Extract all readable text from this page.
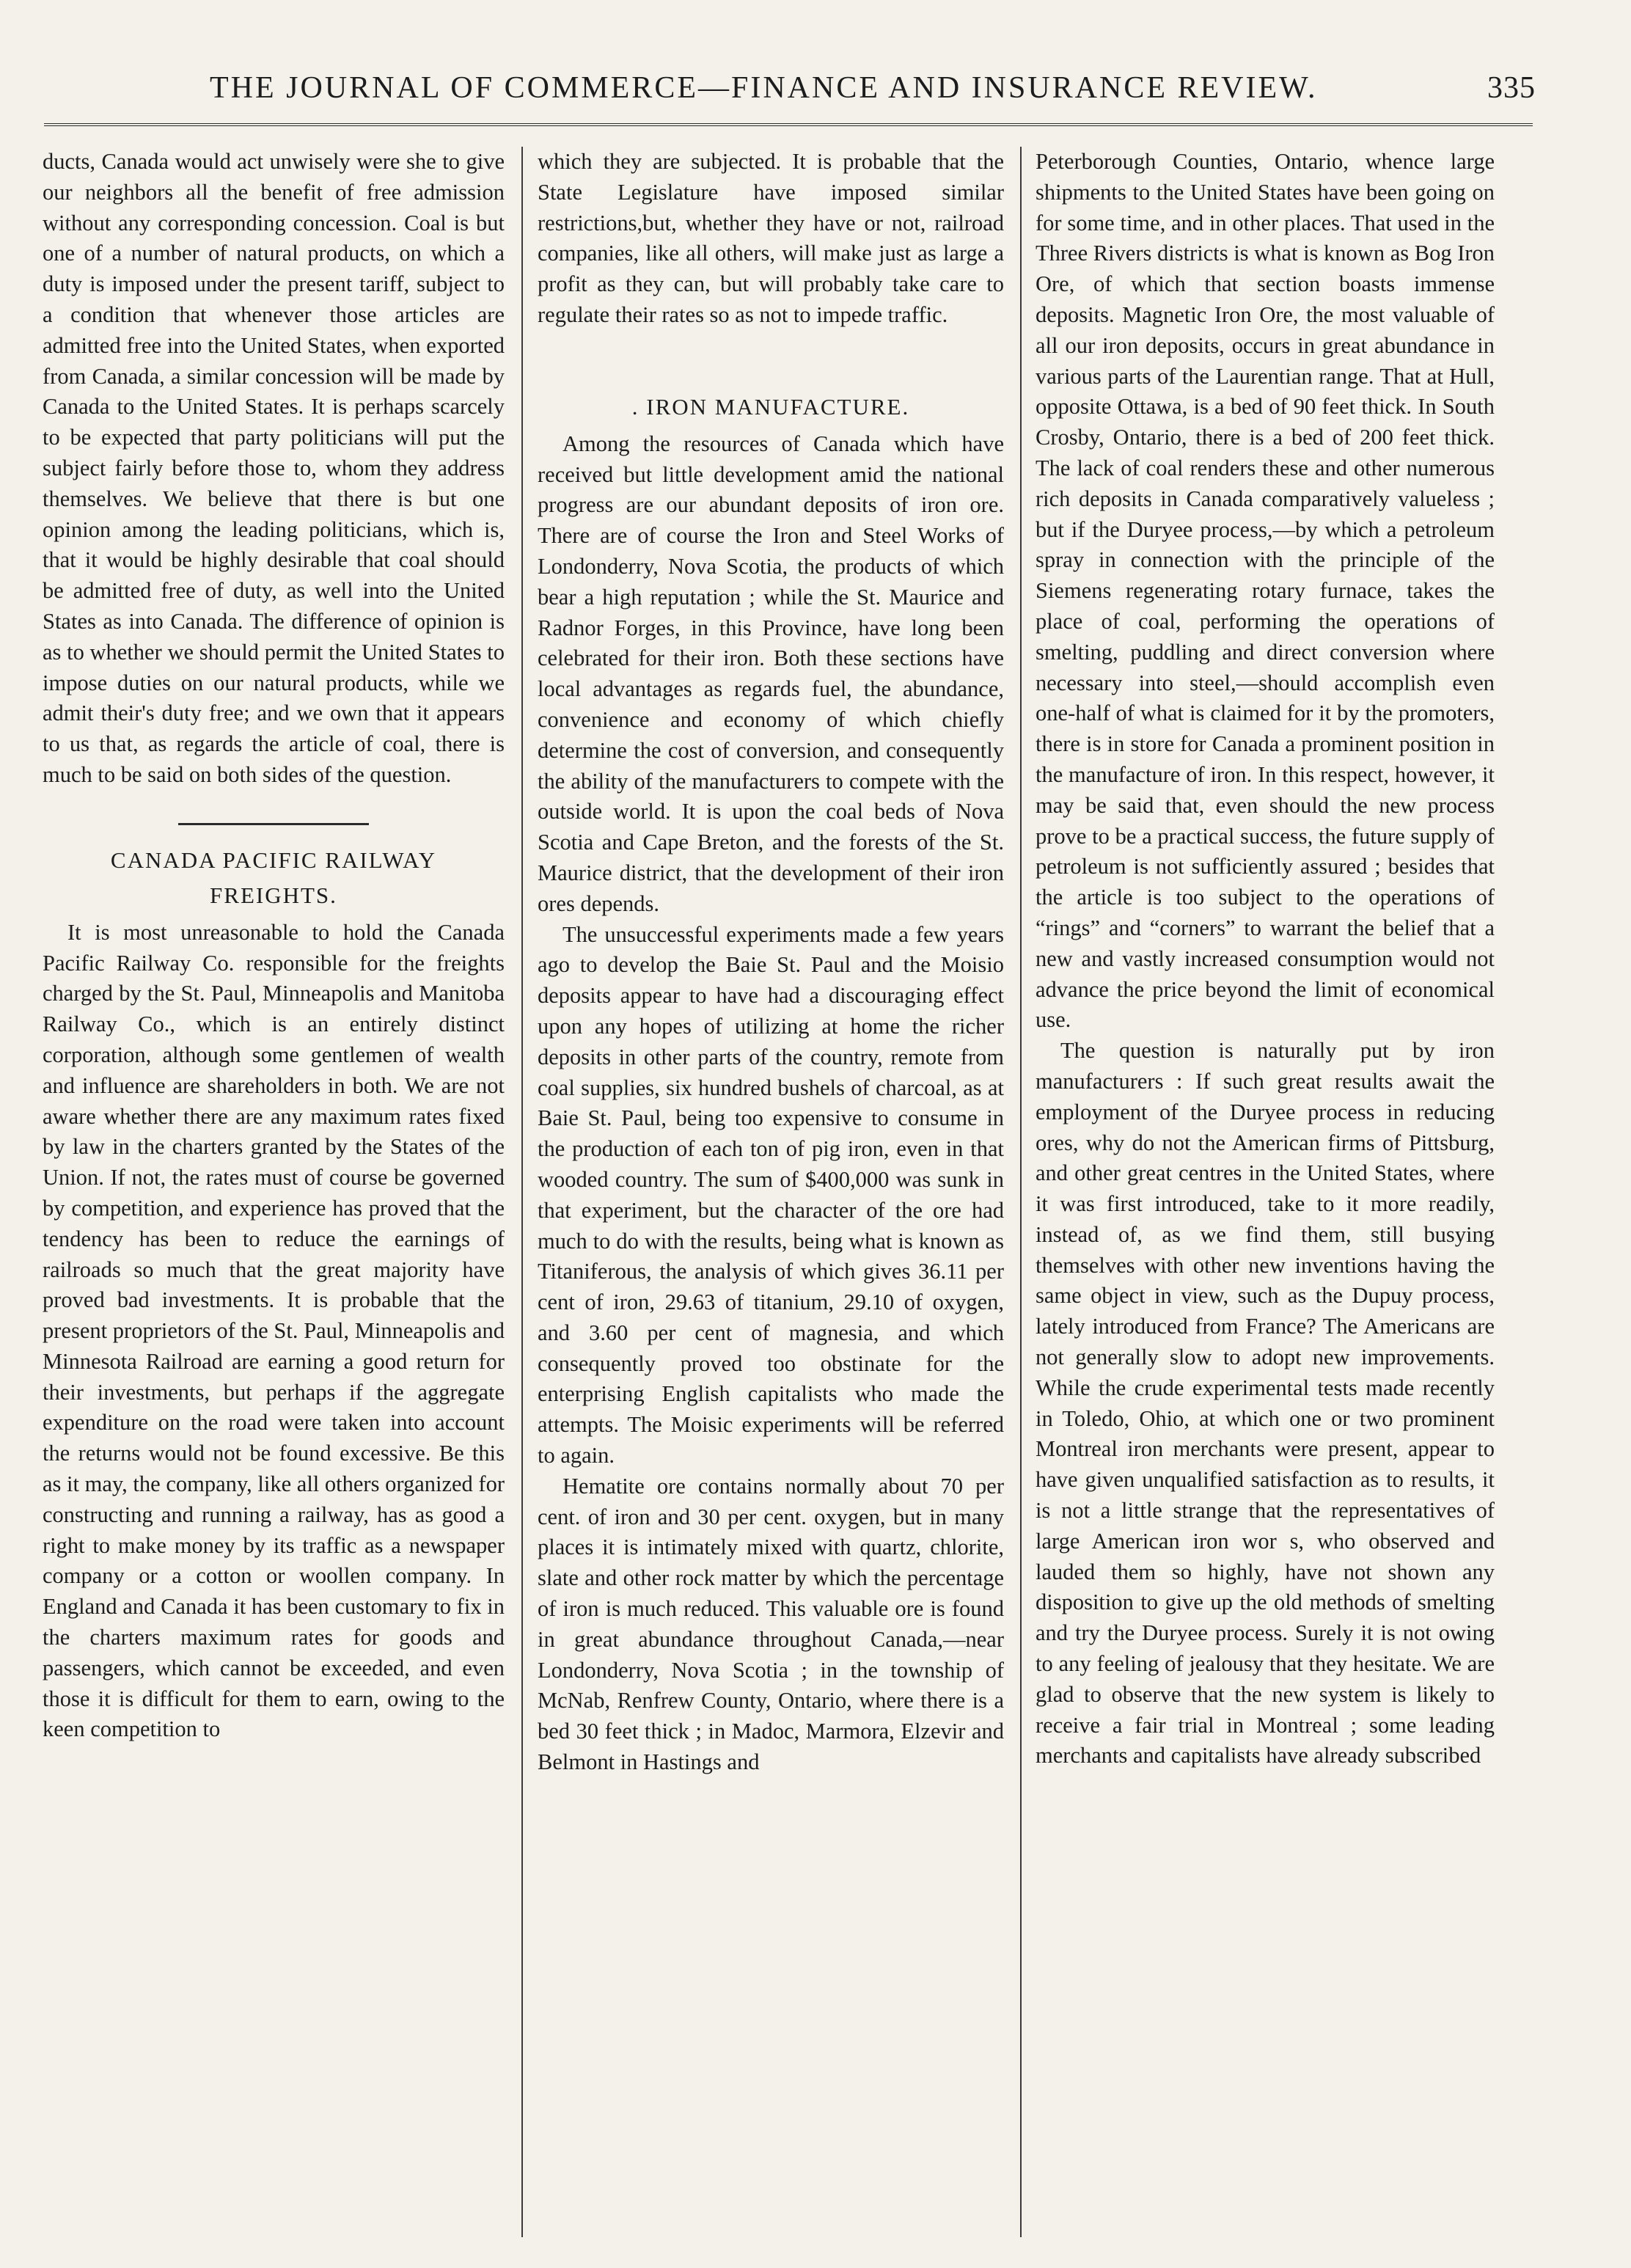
THE JOURNAL OF COMMERCE—FINANCE AND INSURANCE REVIEW.	335

ducts, Canada would act unwisely were she to give our neighbors all the benefit of free admission without any corresponding concession. Coal is but one of a number of natural products, on which a duty is imposed under the present tariff, subject to a condition that whenever those articles are admitted free into the United States, when exported from Canada, a similar concession will be made by Canada to the United States. It is perhaps scarcely to be expected that party politicians will put the subject fairly before those to, whom they address themselves. We believe that there is but one opinion among the leading politicians, which is, that it would be highly desirable that coal should be admitted free of duty, as well into the United States as into Canada. The difference of opinion is as to whether we should permit the United States to impose duties on our natural products, while we admit their's duty free; and we own that it appears to us that, as regards the article of coal, there is much to be said on both sides of the question.

CANADA PACIFIC RAILWAY
FREIGHTS.

It is most unreasonable to hold the Canada Pacific Railway Co. responsible for the freights charged by the St. Paul, Minneapolis and Manitoba Railway Co., which is an entirely distinct corporation, although some gentlemen of wealth and influence are shareholders in both. We are not aware whether there are any maximum rates fixed by law in the charters granted by the States of the Union. If not, the rates must of course be governed by competition, and experience has proved that the tendency has been to reduce the earnings of railroads so much that the great majority have proved bad investments. It is probable that the present proprietors of the St. Paul, Minneapolis and Minnesota Railroad are earning a good return for their investments, but perhaps if the aggregate expenditure on the road were taken into account the returns would not be found excessive. Be this as it may, the company, like all others organized for constructing and running a railway, has as good a right to make money by its traffic as a newspaper company or a cotton or woollen company. In England and Canada it has been customary to fix in the charters maximum rates for goods and passengers, which cannot be exceeded, and even those it is difficult for them to earn, owing to the keen competition to

which they are subjected. It is probable that the State Legislature have imposed similar restrictions,but, whether they have or not, railroad companies, like all others, will make just as large a profit as they can, but will probably take care to regulate their rates so as not to impede traffic.

. IRON MANUFACTURE.

Among the resources of Canada which have received but little development amid the national progress are our abundant deposits of iron ore. There are of course the Iron and Steel Works of Londonderry, Nova Scotia, the products of which bear a high reputation ; while the St. Maurice and Radnor Forges, in this Province, have long been celebrated for their iron. Both these sections have local advantages as regards fuel, the abundance, convenience and economy of which chiefly determine the cost of conversion, and consequently the ability of the manufacturers to compete with the outside world. It is upon the coal beds of Nova Scotia and Cape Breton, and the forests of the St. Maurice district, that the development of their iron ores depends.

The unsuccessful experiments made a few years ago to develop the Baie St. Paul and the Moisio deposits appear to have had a discouraging effect upon any hopes of utilizing at home the richer deposits in other parts of the country, remote from coal supplies, six hundred bushels of charcoal, as at Baie St. Paul, being too expensive to consume in the production of each ton of pig iron, even in that wooded country. The sum of $400,000 was sunk in that experiment, but the character of the ore had much to do with the results, being what is known as Titaniferous, the analysis of which gives 36.11 per cent of iron, 29.63 of titanium, 29.10 of oxygen, and 3.60 per cent of magnesia, and which consequently proved too obstinate for the enterprising English capitalists who made the attempts. The Moisic experiments will be referred to again.

Hematite ore contains normally about 70 per cent. of iron and 30 per cent. oxygen, but in many places it is intimately mixed with quartz, chlorite, slate and other rock matter by which the percentage of iron is much reduced. This valuable ore is found in great abundance throughout Canada,—near Londonderry, Nova Scotia ; in the township of McNab, Renfrew County, Ontario, where there is a bed 30 feet thick ; in Madoc, Marmora, Elzevir and Belmont in Hastings and

Peterborough Counties, Ontario, whence large shipments to the United States have been going on for some time, and in other places. That used in the Three Rivers districts is what is known as Bog Iron Ore, of which that section boasts immense deposits. Magnetic Iron Ore, the most valuable of all our iron deposits, occurs in great abundance in various parts of the Laurentian range. That at Hull, opposite Ottawa, is a bed of 90 feet thick. In South Crosby, Ontario, there is a bed of 200 feet thick. The lack of coal renders these and other numerous rich deposits in Canada comparatively valueless ; but if the Duryee process,—by which a petroleum spray in connection with the principle of the Siemens regenerating rotary furnace, takes the place of coal, performing the operations of smelting, puddling and direct conversion where necessary into steel,—should accomplish even one-half of what is claimed for it by the promoters, there is in store for Canada a prominent position in the manufacture of iron. In this respect, however, it may be said that, even should the new process prove to be a practical success, the future supply of petroleum is not sufficiently assured ; besides that the article is too subject to the operations of “rings” and “corners” to warrant the belief that a new and vastly increased consumption would not advance the price beyond the limit of economical use.

The question is naturally put by iron manufacturers : If such great results await the employment of the Duryee process in reducing ores, why do not the American firms of Pittsburg, and other great centres in the United States, where it was first introduced, take to it more readily, instead of, as we find them, still busying themselves with other new inventions having the same object in view, such as the Dupuy process, lately introduced from France? The Americans are not generally slow to adopt new improvements. While the crude experimental tests made recently in Toledo, Ohio, at which one or two prominent Montreal iron merchants were present, appear to have given unqualified satisfaction as to results, it is not a little strange that the representatives of large American iron wor s, who observed and lauded them so highly, have not shown any disposition to give up the old methods of smelting and try the Duryee process. Surely it is not owing to any feeling of jealousy that they hesitate. We are glad to observe that the new system is likely to receive a fair trial in Montreal ; some leading merchants and capitalists have already subscribed
